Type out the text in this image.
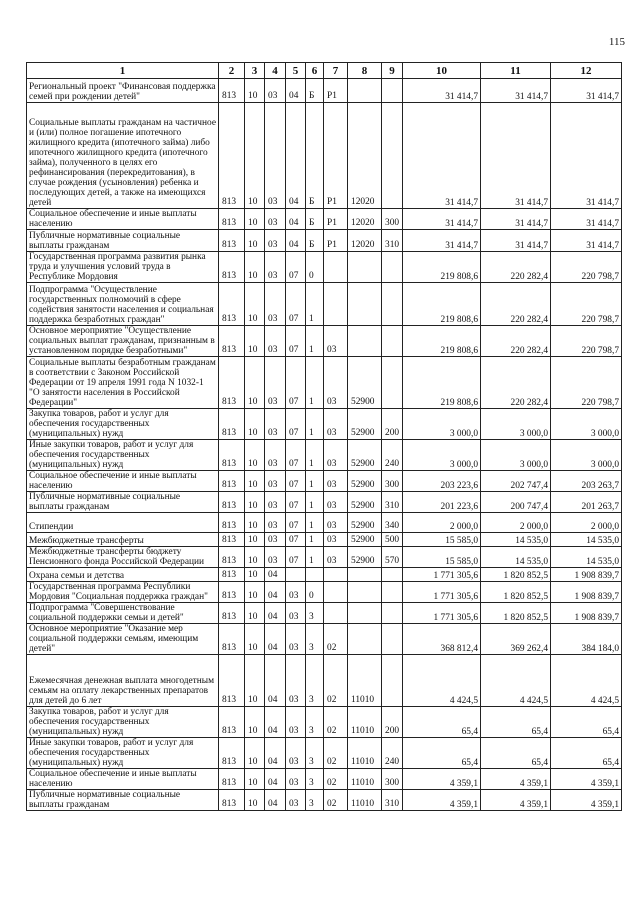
115
1	2	3	4	5	6	7	8	9	10	11	12
Региональный проект "Финансовая поддержка семей при рождении детей"	813	10	03	04	Б	P1			31 414,7	31 414,7	31 414,7
Социальные выплаты гражданам на частичное и (или) полное погашение ипотечного жилищного кредита (ипотечного займа) либо ипотечного жилищного кредита (ипотечного займа), полученного в целях его рефинансирования (перекредитования), в случае рождения (усыновления) ребенка и последующих детей, а также на имеющихся детей	813	10	03	04	Б	P1	12020		31 414,7	31 414,7	31 414,7
Социальное обеспечение и иные выплаты населению	813	10	03	04	Б	P1	12020	300	31 414,7	31 414,7	31 414,7
Публичные нормативные социальные выплаты гражданам	813	10	03	04	Б	P1	12020	310	31 414,7	31 414,7	31 414,7
Государственная программа развития рынка труда и улучшения условий труда в Республике Мордовия	813	10	03	07	0				219 808,6	220 282,4	220 798,7
Подпрограмма "Осуществление государственных полномочий в сфере содействия занятости населения и социальная поддержка безработных граждан"	813	10	03	07	1				219 808,6	220 282,4	220 798,7
Основное мероприятие "Осуществление социальных выплат гражданам, признанным в установленном порядке безработными"	813	10	03	07	1	03			219 808,6	220 282,4	220 798,7
Социальные выплаты безработным гражданам в соответствии с Законом Российской Федерации от 19 апреля 1991 года N 1032-1 "О занятости населения в Российской Федерации"	813	10	03	07	1	03	52900		219 808,6	220 282,4	220 798,7
Закупка товаров, работ и услуг для обеспечения государственных (муниципальных) нужд	813	10	03	07	1	03	52900	200	3 000,0	3 000,0	3 000,0
Иные закупки товаров, работ и услуг для обеспечения государственных (муниципальных) нужд	813	10	03	07	1	03	52900	240	3 000,0	3 000,0	3 000,0
Социальное обеспечение и иные выплаты населению	813	10	03	07	1	03	52900	300	203 223,6	202 747,4	203 263,7
Публичные нормативные социальные выплаты гражданам	813	10	03	07	1	03	52900	310	201 223,6	200 747,4	201 263,7
Стипендии	813	10	03	07	1	03	52900	340	2 000,0	2 000,0	2 000,0
Межбюджетные трансферты	813	10	03	07	1	03	52900	500	15 585,0	14 535,0	14 535,0
Межбюджетные трансферты бюджету Пенсионного фонда Российской Федерации	813	10	03	07	1	03	52900	570	15 585,0	14 535,0	14 535,0
Охрана семьи и детства	813	10	04						1 771 305,6	1 820 852,5	1 908 839,7
Государственная программа Республики Мордовия "Социальная поддержка граждан"	813	10	04	03	0				1 771 305,6	1 820 852,5	1 908 839,7
Подпрограмма "Совершенствование социальной поддержки семьи и детей"	813	10	04	03	3				1 771 305,6	1 820 852,5	1 908 839,7
Основное мероприятие "Оказание мер социальной поддержки семьям, имеющим детей"	813	10	04	03	3	02			368 812,4	369 262,4	384 184,0
Ежемесячная денежная выплата многодетным семьям на оплату лекарственных препаратов для детей до 6 лет	813	10	04	03	3	02	11010		4 424,5	4 424,5	4 424,5
Закупка товаров, работ и услуг для обеспечения государственных (муниципальных) нужд	813	10	04	03	3	02	11010	200	65,4	65,4	65,4
Иные закупки товаров, работ и услуг для обеспечения государственных (муниципальных) нужд	813	10	04	03	3	02	11010	240	65,4	65,4	65,4
Социальное обеспечение и иные выплаты населению	813	10	04	03	3	02	11010	300	4 359,1	4 359,1	4 359,1
Публичные нормативные социальные выплаты гражданам	813	10	04	03	3	02	11010	310	4 359,1	4 359,1	4 359,1
